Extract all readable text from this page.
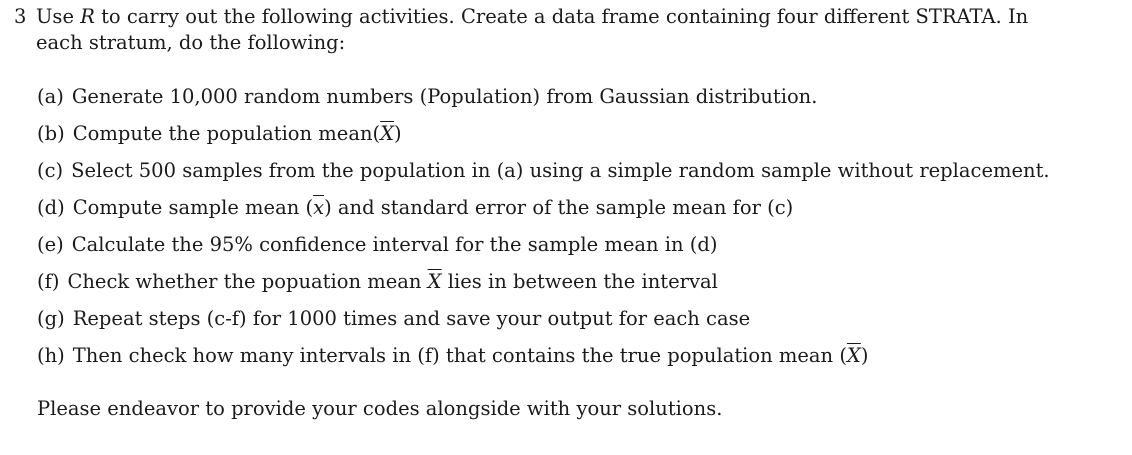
3 Use R to carry out the following activities. Create a data frame containing four different STRATA. In
each stratum, do the following:
(a) Generate 10,000 random numbers (Population) from Gaussian distribution.
(b) Compute the population $mean(\overline{X})$
(c) Select 500 samples from the population in (a) using a simple random sample without replacement.
(d) Compute sample mean $(\overline{x})$ and standard error of the sample mean for (c)
(e) Calculate the 95% confidence interval for the sample mean in (d)
(f) Check whether the popuation mean $\overline{X}$ lies in between the interval
(g) Repeat steps (c-f) for 1000 times and save your output for each case
(h) Then check how many intervals in (f) that contains the true population mean $(\overline{X})$
Please endeavor to provide your codes alongside with your solutions.
